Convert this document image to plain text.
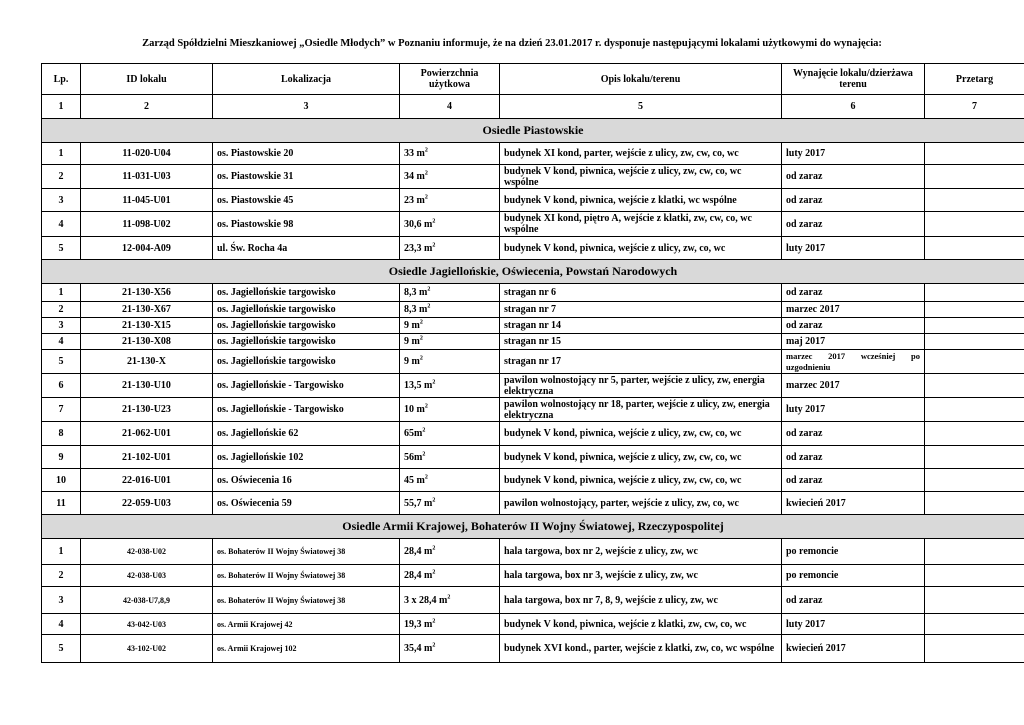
Zarząd Spółdzielni Mieszkaniowej „Osiedle Młodych” w Poznaniu informuje, że na dzień 23.01.2017 r. dysponuje następującymi lokalami użytkowymi do wynajęcia:
Lp.	ID lokalu	Lokalizacja	Powierzchnia użytkowa	Opis lokalu/terenu	Wynajęcie lokalu/dzierżawa terenu	Przetarg
1	2	3	4	5	6	7
Osiedle Piastowskie						
1	11-020-U04	os. Piastowskie 20	33 $m^2$	budynek XI kond, parter, wejście z ulicy, zw, cw, co, wc	luty 2017	
2	11-031-U03	os. Piastowskie 31	34 $m^2$	budynek V kond, piwnica, wejście z ulicy, zw, cw, co, wc wspólne	od zaraz	
3	11-045-U01	os. Piastowskie 45	23 $m^2$	budynek V kond, piwnica, wejście z klatki, wc wspólne	od zaraz	
4	11-098-U02	os. Piastowskie 98	30,6 $m^2$	budynek XI kond, piętro A, wejście z klatki, zw, cw, co, wc wspólne	od zaraz	
5	12-004-A09	ul. Św. Rocha 4a	23,3 $m^2$	budynek V kond, piwnica, wejście z ulicy, zw, co, wc	luty 2017	
Osiedle Jagiellońskie, Oświecenia, Powstań Narodowych						
1	21-130-X56	os. Jagiellońskie targowisko	8,3 $m^2$	stragan nr 6	od zaraz	
2	21-130-X67	os. Jagiellońskie targowisko	8,3 $m^2$	stragan nr 7	marzec 2017	
3	21-130-X15	os. Jagiellońskie targowisko	9 $m^2$	stragan nr 14	od zaraz	
4	21-130-X08	os. Jagiellońskie targowisko	9 $m^2$	stragan nr 15	maj 2017	
5	21-130-X	os. Jagiellońskie targowisko	9 $m^2$	stragan nr 17	marzec 2017 wcześniej po uzgodnieniu	
6	21-130-U10	os. Jagiellońskie - Targowisko	13,5 $m^2$	pawilon wolnostojący nr 5, parter, wejście z ulicy, zw, energia elektryczna	marzec 2017	
7	21-130-U23	os. Jagiellońskie - Targowisko	10 $m^2$	pawilon wolnostojący nr 18, parter, wejście z ulicy, zw, energia elektryczna	luty 2017	
8	21-062-U01	os. Jagiellońskie 62	$65m^2$	budynek V kond, piwnica, wejście z ulicy, zw, cw, co, wc	od zaraz	
9	21-102-U01	os. Jagiellońskie 102	$56m^2$	budynek V kond, piwnica, wejście z ulicy, zw, cw, co, wc	od zaraz	
10	22-016-U01	os. Oświecenia 16	45 $m^2$	budynek V kond, piwnica, wejście z ulicy, zw, cw, co, wc	od zaraz	
11	22-059-U03	os. Oświecenia 59	55,7 $m^2$	pawilon wolnostojący, parter, wejście z ulicy, zw, co, wc	kwiecień 2017	
Osiedle Armii Krajowej, Bohaterów II Wojny Światowej, Rzeczypospolitej						
1	42-038-U02	os. Bohaterów II Wojny Światowej 38	28,4 $m^2$	hala targowa, box nr 2, wejście z ulicy, zw, wc	po remoncie	
2	42-038-U03	os. Bohaterów II Wojny Światowej 38	28,4 $m^2$	hala targowa, box nr 3, wejście z ulicy, zw, wc	po remoncie	
3	42-038-U7,8,9	os. Bohaterów II Wojny Światowej 38	3 x 28,4 $m^2$	hala targowa, box nr 7, 8, 9, wejście z ulicy, zw, wc	od zaraz	
4	43-042-U03	os. Armii Krajowej 42	19,3 $m^2$	budynek V kond, piwnica, wejście z klatki, zw, cw, co, wc	luty 2017	
5	43-102-U02	os. Armii Krajowej 102	35,4 $m^2$	budynek XVI kond., parter, wejście z klatki, zw, co, wc wspólne	kwiecień 2017	
